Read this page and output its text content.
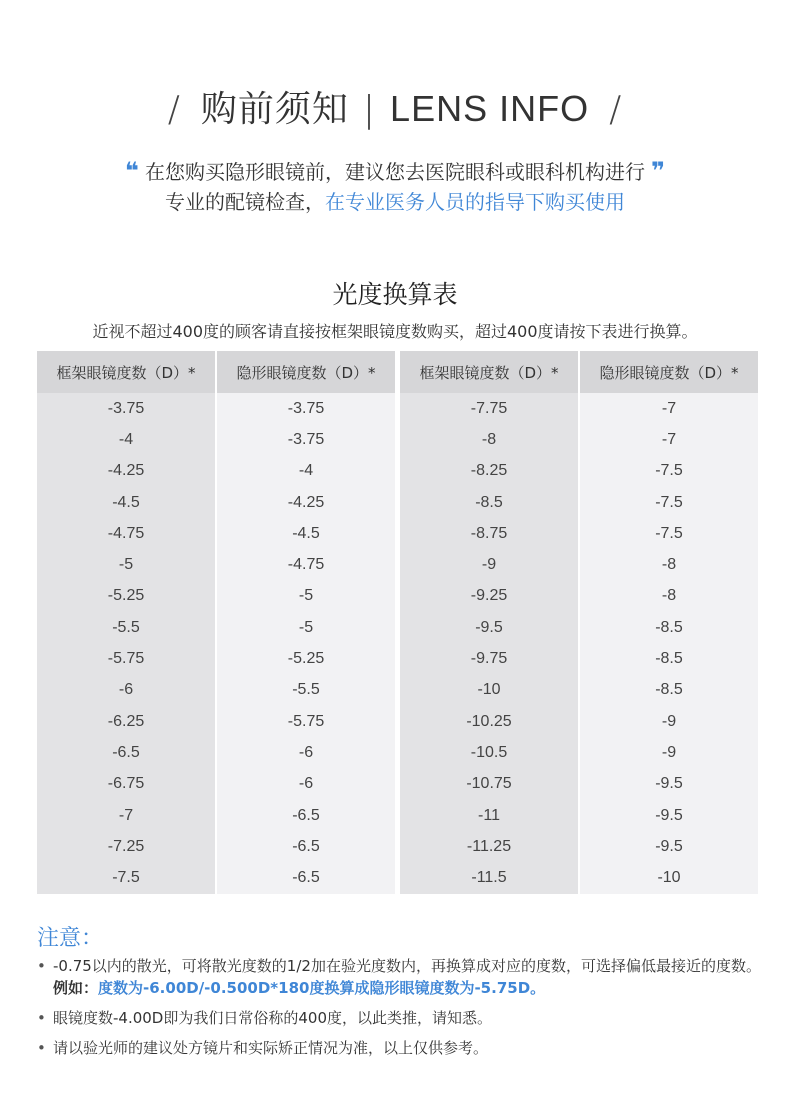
/ 购前须知 | LENS INFO /
❝ 在您购买隐形眼镜前，建议您去医院眼科或眼科机构进行 ❞
专业的配镜检查，在专业医务人员的指导下购买使用
光度换算表
近视不超过400度的顾客请直接按框架眼镜度数购买，超过400度请按下表进行换算。
框架眼镜度数（D）*	隐形眼镜度数（D）*
-3.75	-3.75
-4	-3.75
-4.25	-4
-4.5	-4.25
-4.75	-4.5
-5	-4.75
-5.25	-5
-5.5	-5
-5.75	-5.25
-6	-5.5
-6.25	-5.75
-6.5	-6
-6.75	-6
-7	-6.5
-7.25	-6.5
-7.5	-6.5
框架眼镜度数（D）*	隐形眼镜度数（D）*
-7.75	-7
-8	-7
-8.25	-7.5
-8.5	-7.5
-8.75	-7.5
-9	-8
-9.25	-8
-9.5	-8.5
-9.75	-8.5
-10	-8.5
-10.25	-9
-10.5	-9
-10.75	-9.5
-11	-9.5
-11.25	-9.5
-11.5	-10
注意：
• -0.75以内的散光，可将散光度数的1/2加在验光度数内，再换算成对应的度数，可选择偏低最接近的度数。例如：度数为-6.00D/-0.500D*180度换算成隐形眼镜度数为-5.75D。
• 眼镜度数-4.00D即为我们日常俗称的400度，以此类推，请知悉。
• 请以验光师的建议处方镜片和实际矫正情况为准，以上仅供参考。
